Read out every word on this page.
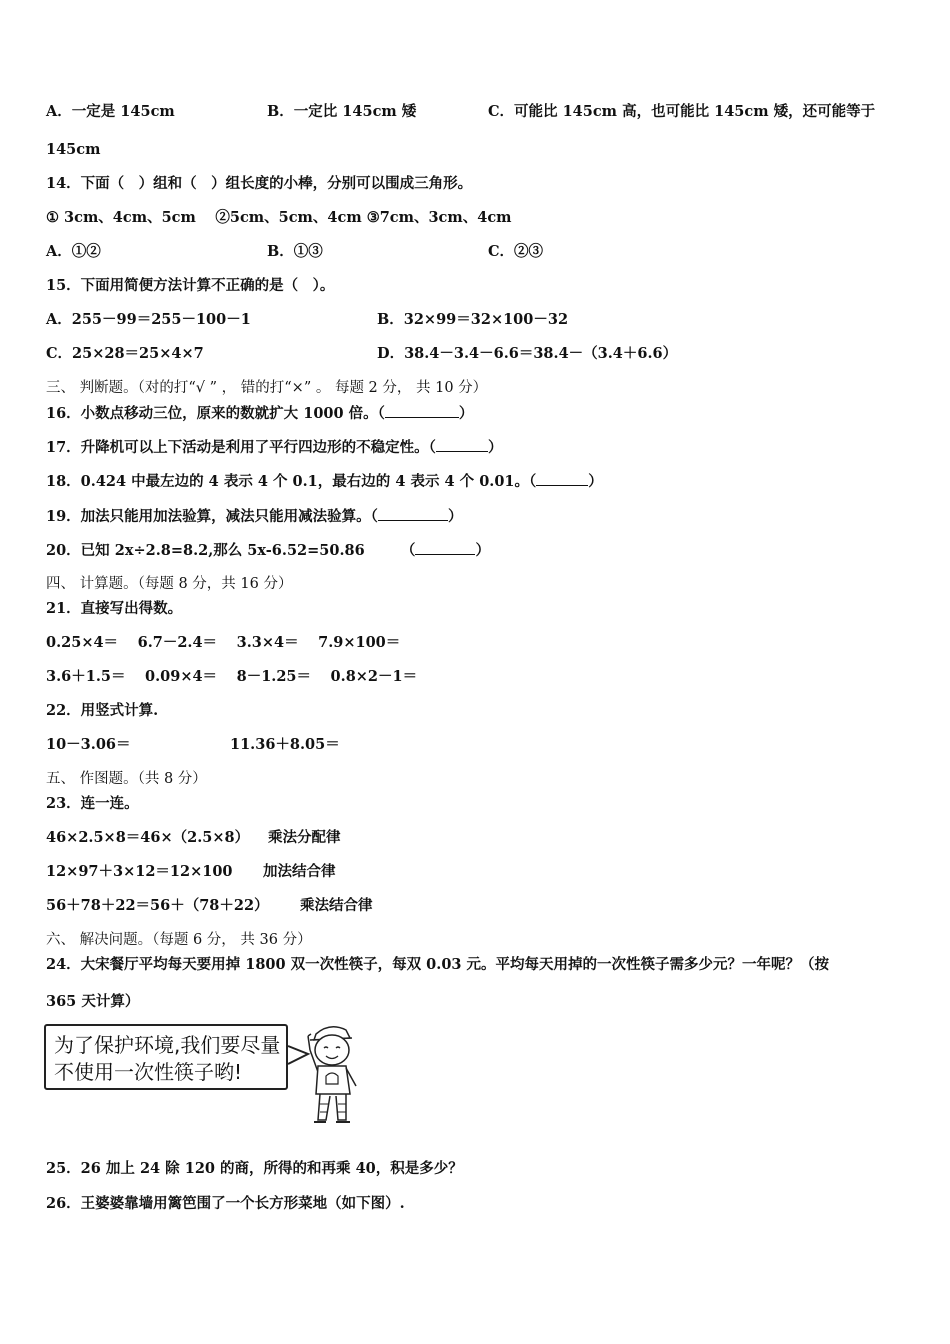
A．一定是 145cm	B．一定比 145cm 矮	C．可能比 145cm 高，也可能比 145cm 矮，还可能等于
145cm
14．下面（　）组和（　）组长度的小棒，分别可以围成三角形。
① 3cm、4cm、5cm　 ②5cm、5cm、4cm ③7cm、3cm、4cm
A．①②	B．①③	C．②③
15．下面用简便方法计算不正确的是（　）。
A．255－99＝255－100－1	B．32×99＝32×100－32
C．25×28＝25×4×7	D．38.4－3.4－6.6＝38.4－（3.4＋6.6）
三、 判断题。（对的打“√ ” ， 错的打“×” 。 每题 2 分， 共 10 分）
16．小数点移动三位，原来的数就扩大 1000 倍。（	）
17．升降机可以上下活动是利用了平行四边形的不稳定性。（	）
18．0.424 中最左边的 4 表示 4 个 0.1，最右边的 4 表示 4 个 0.01。（	）
19．加法只能用加法验算，减法只能用减法验算。（	）
20．已知 2x÷2.8=8.2,那么 5x-6.52=50.86　　　（	）
四、 计算题。（每题 8 分，共 16 分）
21．直接写出得数。
0.25×4＝　 6.7－2.4＝　 3.3×4＝　 7.9×100＝
3.6＋1.5＝　 0.09×4＝　 8－1.25＝　 0.8×2－1＝
22．用竖式计算.
10－3.06＝	11.36＋8.05＝
五、 作图题。（共 8 分）
23．连一连。
46×2.5×8＝46×（2.5×8） 乘法分配律
12×97＋3×12＝12×100 加法结合律
56＋78＋22＝56＋（78＋22） 乘法结合律
六、 解决问题。（每题 6 分， 共 36 分）
24．大宋餐厅平均每天要用掉 1800 双一次性筷子，每双 0.03 元。平均每天用掉的一次性筷子需多少元？一年呢？（按
365 天计算）
为了保护环境,我们要尽量
不使用一次性筷子哟!
25．26 加上 24 除 120 的商，所得的和再乘 40，积是多少？
26．王婆婆靠墙用篱笆围了一个长方形菜地（如下图）.
